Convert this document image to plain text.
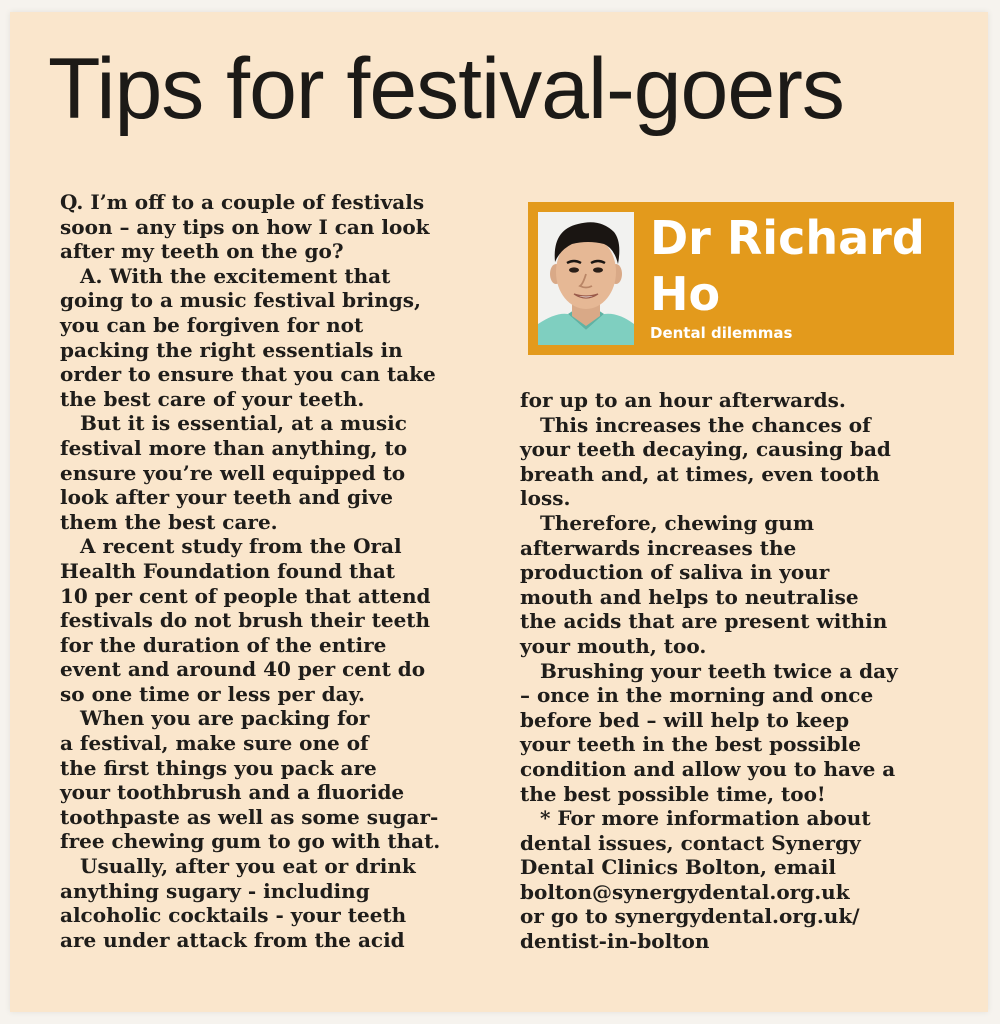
Tips for festival-goers

Q. I’m off to a couple of festivals
soon – any tips on how I can look
after my teeth on the go?

A. With the excitement that
going to a music festival brings,
you can be forgiven for not
packing the right essentials in
order to ensure that you can take
the best care of your teeth.

But it is essential, at a music
festival more than anything, to
ensure you’re well equipped to
look after your teeth and give
them the best care.

A recent study from the Oral
Health Foundation found that
10 per cent of people that attend
festivals do not brush their teeth
for the duration of the entire
event and around 40 per cent do
so one time or less per day.

When you are packing for
a festival, make sure one of
the first things you pack are
your toothbrush and a fluoride
toothpaste as well as some sugar-
free chewing gum to go with that.

Usually, after you eat or drink
anything sugary - including
alcoholic cocktails - your teeth
are under attack from the acid

Dr Richard
Ho
Dental dilemmas

for up to an hour afterwards.

This increases the chances of
your teeth decaying, causing bad
breath and, at times, even tooth
loss.

Therefore, chewing gum
afterwards increases the
production of saliva in your
mouth and helps to neutralise
the acids that are present within
your mouth, too.

Brushing your teeth twice a day
– once in the morning and once
before bed – will help to keep
your teeth in the best possible
condition and allow you to have a
the best possible time, too!

* For more information about
dental issues, contact Synergy
Dental Clinics Bolton, email
bolton@synergydental.org.uk
or go to synergydental.org.uk/
dentist-in-bolton
